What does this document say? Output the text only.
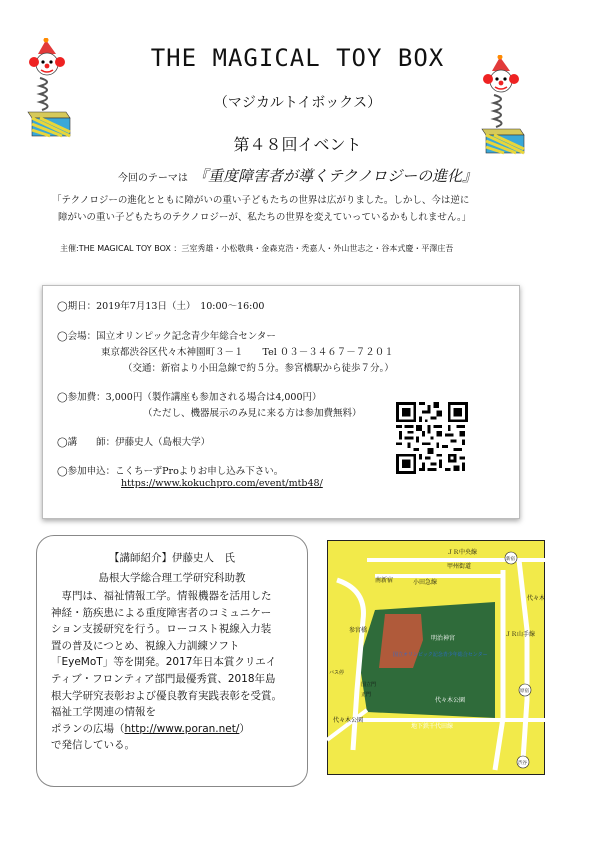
THE MAGICAL TOY BOX
（マジカルトイボックス）
第４８回イベント
今回のテーマは 『重度障害者が導くテクノロジーの進化』
「テクノロジーの進化とともに障がいの重い子どもたちの世界は広がりました。しかし、今は逆に
障がいの重い子どもたちのテクノロジーが、私たちの世界を変えていっているかもしれません。」
主催:THE MAGICAL TOY BOX ：三室秀雄・小松敬典・金森克浩・禿嘉人・外山世志之・谷本式慶・平澤庄吾
◯期日：2019年7月13日（土）　10:00～16:00
◯会場：国立オリンピック記念青少年総合センター
東京都渋谷区代々木神園町３－１　　Tel ０３－３４６７－７２０１
（交通：新宿より小田急線で約５分。参宮橋駅から徒歩７分。）
◯参加費：3,000円（製作講座も参加される場合は4,000円）
（ただし、機器展示のみ見に来る方は参加費無料）
◯講　　師：伊藤史人（島根大学）
◯参加申込：こくちーずProよりお申し込み下さい。
https://www.kokuchpro.com/event/mtb48/
【講師紹介】伊藤史人　氏
島根大学総合理工学研究科助教
　専門は、福祉情報工学。情報機器を活用した
神経・筋疾患による重度障害者のコミュニケー
ション支援研究を行う。ローコスト視線入力装
置の普及につとめ、視線入力訓練ソフト
「EyeMoT」等を開発。2017年日本賞クリエイ
ティブ・フロンティア部門最優秀賞、2018年島
根大学研究表彰および優良教育実践表彰を受賞。
福祉工学関連の情報を
ポランの広場（http://www.poran.net/）
で発信している。
ＪＲ中央線
甲州街道
小田急線
南新宿
新宿
代々木
参宮橋
ＪＲ山手線
原宿
代々木公園
渋谷
バス停
国立門
正門
明治神宮
代々木公園
地下鉄千代田線
国立オリンピック記念青少年総合センター
